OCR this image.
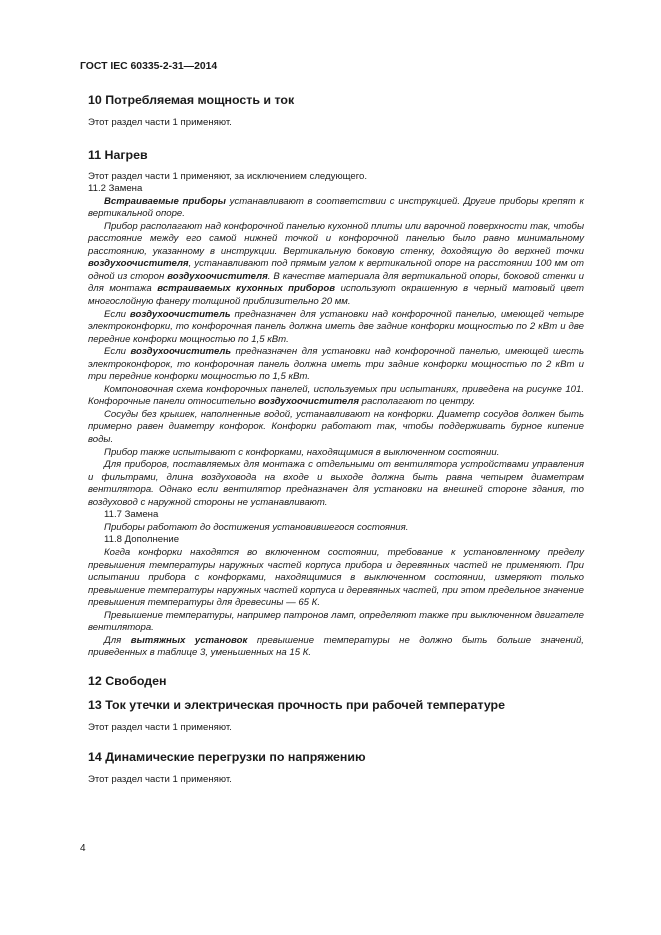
ГОСТ IEC 60335-2-31—2014
10 Потребляемая мощность и ток

Этот раздел части 1 применяют.

11 Нагрев

Этот раздел части 1 применяют, за исключением следующего.

11.2 Замена

Встраиваемые приборы устанавливают в соответствии с инструкцией. Другие приборы крепят к вертикальной опоре.

Прибор располагают над конфорочной панелью кухонной плиты или варочной поверхности так, чтобы расстояние между его самой нижней точкой и конфорочной панелью было равно минимальному расстоянию, указанному в инструкции. Вертикальную боковую стенку, доходящую до верхней точки воздухоочистителя, устанавливают под прямым углом к вертикальной опоре на расстоянии 100 мм от одной из сторон воздухоочистителя. В качестве материала для вертикальной опоры, боковой стенки и для монтажа встраиваемых кухонных приборов используют окрашенную в черный матовый цвет многослойную фанеру толщиной приблизительно 20 мм.

Если воздухоочиститель предназначен для установки над конфорочной панелью, имеющей четыре электроконфорки, то конфорочная панель должна иметь две задние конфорки мощностью по 2 кВт и две передние конфорки мощностью по 1,5 кВт.

Если воздухоочиститель предназначен для установки над конфорочной панелью, имеющей шесть электроконфорок, то конфорочная панель должна иметь три задние конфорки мощностью по 2 кВт и три передние конфорки мощностью по 1,5 кВт.

Компоновочная схема конфорочных панелей, используемых при испытаниях, приведена на рисунке 101. Конфорочные панели относительно воздухоочистителя располагают по центру.

Сосуды без крышек, наполненные водой, устанавливают на конфорки. Диаметр сосудов должен быть примерно равен диаметру конфорок. Конфорки работают так, чтобы поддерживать бурное кипение воды.

Прибор также испытывают с конфорками, находящимися в выключенном состоянии.

Для приборов, поставляемых для монтажа с отдельными от вентилятора устройствами управления и фильтрами, длина воздуховода на входе и выходе должна быть равна четырем диаметрам вентилятора. Однако если вентилятор предназначен для установки на внешней стороне здания, то воздуховод с наружной стороны не устанавливают.

11.7 Замена

Приборы работают до достижения установившегося состояния.

11.8 Дополнение

Когда конфорки находятся во включенном состоянии, требование к установленному пределу превышения температуры наружных частей корпуса прибора и деревянных частей не применяют. При испытании прибора с конфорками, находящимися в выключенном состоянии, измеряют только превышение температуры наружных частей корпуса и деревянных частей, при этом предельное значение превышения температуры для древесины — 65 К.

Превышение температуры, например патронов ламп, определяют также при выключенном двигателе вентилятора.

Для вытяжных установок превышение температуры не должно быть больше значений, приведенных в таблице 3, уменьшенных на 15 К.

12 Свободен
13 Ток утечки и электрическая прочность при рабочей температуре

Этот раздел части 1 применяют.

14 Динамические перегрузки по напряжению

Этот раздел части 1 применяют.

4
